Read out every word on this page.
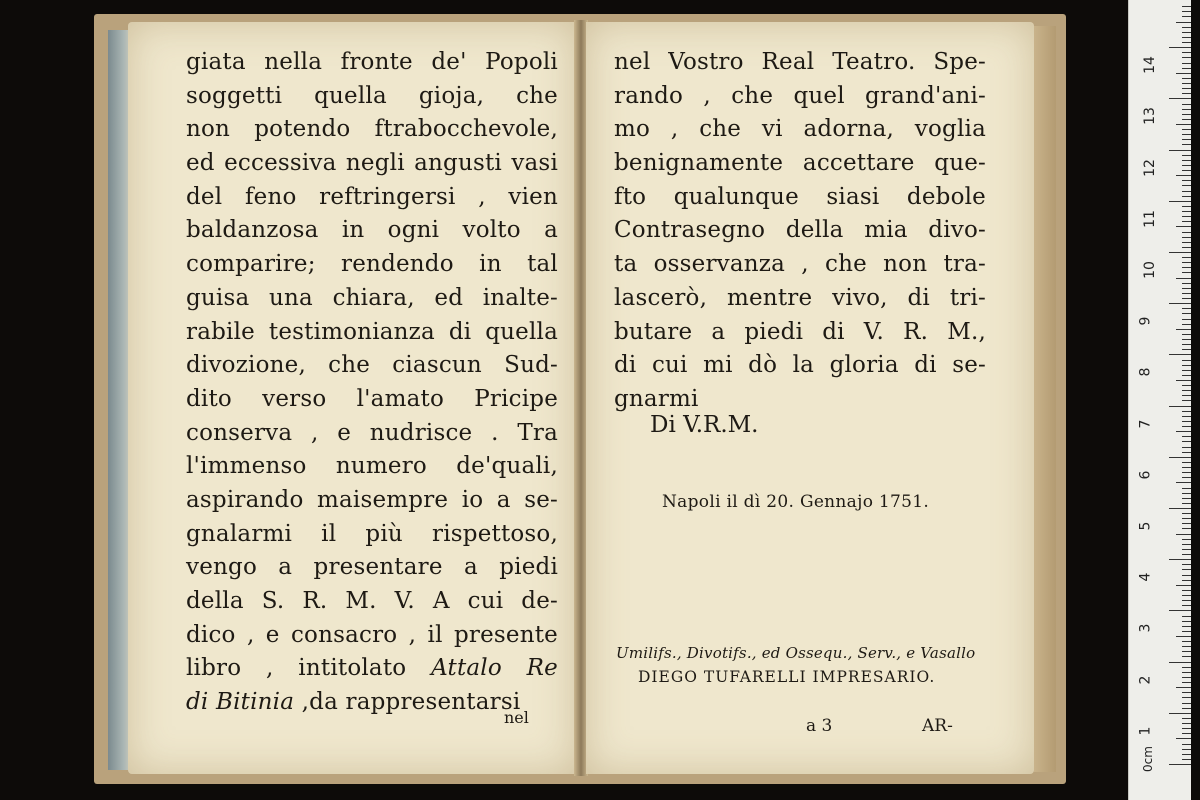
giata nella fronte de' Popoli
soggetti quella gioja, che
non potendo ftrabocchevole,
ed eccessiva negli angusti vasi
del feno reftringersi , vien
baldanzosa in ogni volto a
comparire; rendendo in tal
guisa una chiara, ed inalte-
rabile testimonianza di quella
divozione, che ciascun Sud-
dito verso l'amato Pricipe
conserva , e nudrisce . Tra
l'immenso numero de'quali,
aspirando maisempre io a se-
gnalarmi il più rispettoso,
vengo a presentare a piedi
della S. R. M. V. A cui de-
dico , e consacro , il presente
libro , intitolato Attalo Re
di Bitinia ,da rappresentarsi
nel
nel Vostro Real Teatro. Spe-
rando , che quel grand'ani-
mo , che vi adorna, voglia
benignamente accettare que-
fto qualunque siasi debole
Contrasegno della mia divo-
ta osservanza , che non tra-
lascerò, mentre vivo, di tri-
butare a piedi di V. R. M.,
di cui mi dò la gloria di se-
gnarmi
Di V.R.M.
Napoli il dì 20. Gennajo 1751.
Umilifs., Divotifs., ed Ossequ., Serv., e Vasallo
DIEGO TUFARELLI IMPRESARIO.
a 3	AR-
0cm
1
2
3
4
5
6
7
8
9
10
11
12
13
14
